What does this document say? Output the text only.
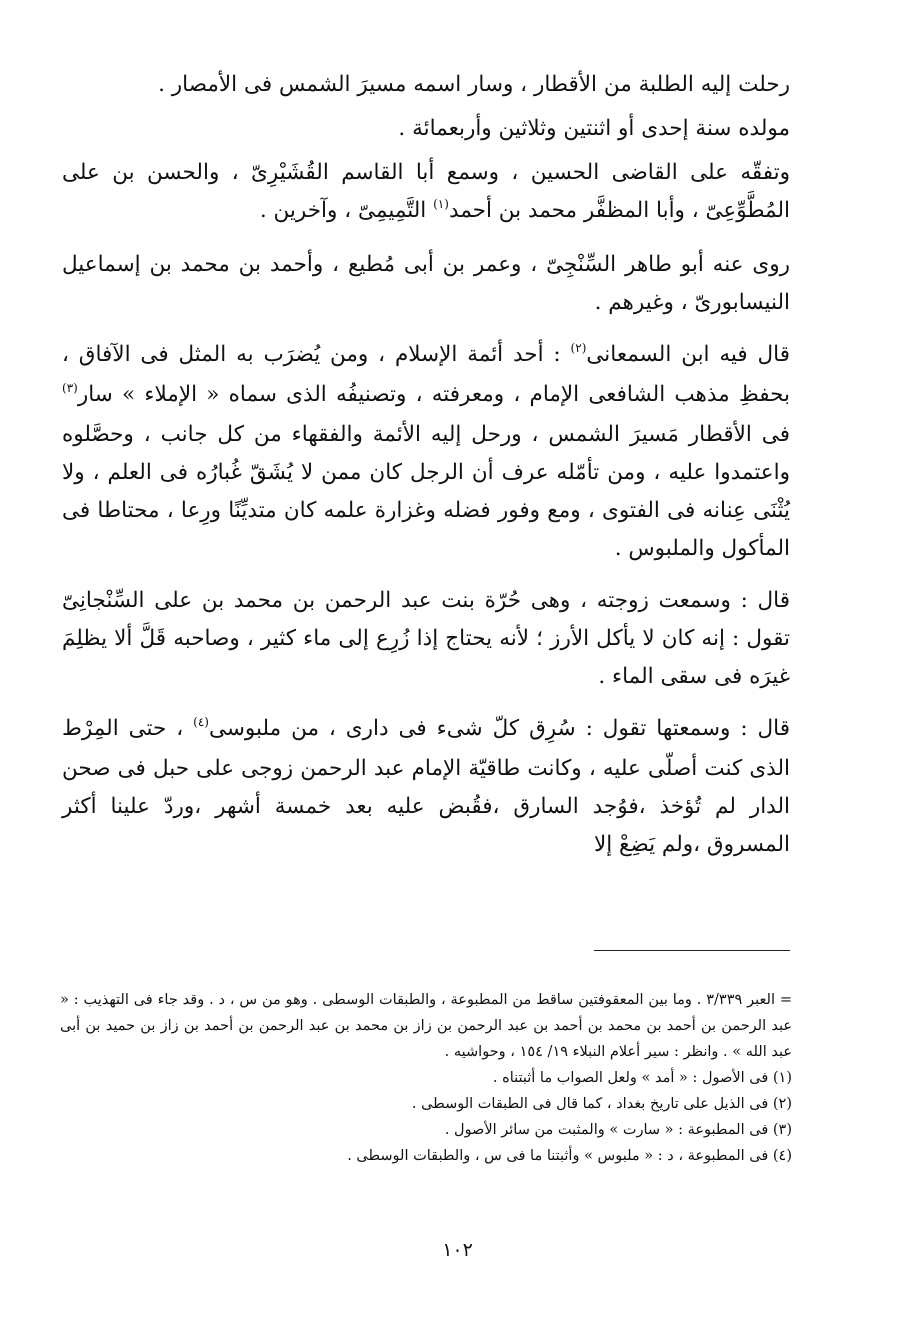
رحلت إليه الطلبة من الأقطار ، وسار اسمه مسيرَ الشمس فى الأمصار .

مولده سنة إحدى أو اثنتين وثلاثين وأربعمائة .

وتفقّه على القاضى الحسين ، وسمع أبا القاسم القُشَيْرِىّ ، والحسن بن على المُطَّوِّعِىّ ، وأبا المظفَّر محمد بن أحمد$^{(١)}$ التَّمِيمِىّ ، وآخرين .

روى عنه أبو طاهر السِّنْجِىّ ، وعمر بن أبى مُطيع ، وأحمد بن محمد بن إسماعيل النيسابورىّ ، وغيرهم .

قال فيه ابن السمعانى$^{(٢)}$ : أحد أئمة الإسلام ، ومن يُضرَب به المثل فى الآفاق ، بحفظِ مذهب الشافعى الإمام ، ومعرفته ، وتصنيفُه الذى سماه « الإملاء » سار$^{(٣)}$ فى الأقطار مَسيرَ الشمس ، ورحل إليه الأئمة والفقهاء من كل جانب ، وحصَّلوه واعتمدوا عليه ، ومن تأمّله عرف أن الرجل كان ممن لا يُشَقّ غُبارُه فى العلم ، ولا يُثْنَى عِنانه فى الفتوى ، ومع وفور فضله وغزارة علمه كان متديِّنًا ورِعا ، محتاطا فى المأكول والملبوس .

قال : وسمعت زوجته ، وهى حُرّة بنت عبد الرحمن بن محمد بن على السِّنْجانِىّ تقول : إنه كان لا يأكل الأرز ؛ لأنه يحتاج إذا زُرِع إلى ماء كثير ، وصاحبه قَلَّ ألا يظلِمَ غيرَه فى سقى الماء .

قال : وسمعتها تقول : سُرِق كلّ شىء فى دارى ، من ملبوسى$^{(٤)}$ ، حتى المِرْط الذى كنت أصلّى عليه ، وكانت طاقيّة الإمام عبد الرحمن زوجى على حبل فى صحن الدار لم تُؤخذ ،فوُجد السارق ،فقُبض عليه بعد خمسة أشهر ،وردّ علينا أكثر المسروق ،ولم يَضِعْ إلا

= العبر ٣/٣٣٩ . وما بين المعقوفتين ساقط من المطبوعة ، والطبقات الوسطى . وهو من س ، د . وقد جاء فى التهذيب : « عبد الرحمن بن أحمد بن محمد بن أحمد بن عبد الرحمن بن زاز بن محمد بن عبد الرحمن بن أحمد بن زاز بن حميد بن أبى عبد الله » . وانظر : سير أعلام النبلاء ١٩/ ١٥٤ ، وحواشيه .

(١) فى الأصول : « أمد » ولعل الصواب ما أثبتناه .

(٢) فى الذيل على تاريخ بغداد ، كما قال فى الطبقات الوسطى .

(٣) فى المطبوعة : « سارت » والمثبت من سائر الأصول .

(٤) فى المطبوعة ، د : « ملبوس » وأثبتنا ما فى س ، والطبقات الوسطى .

١٠٢
